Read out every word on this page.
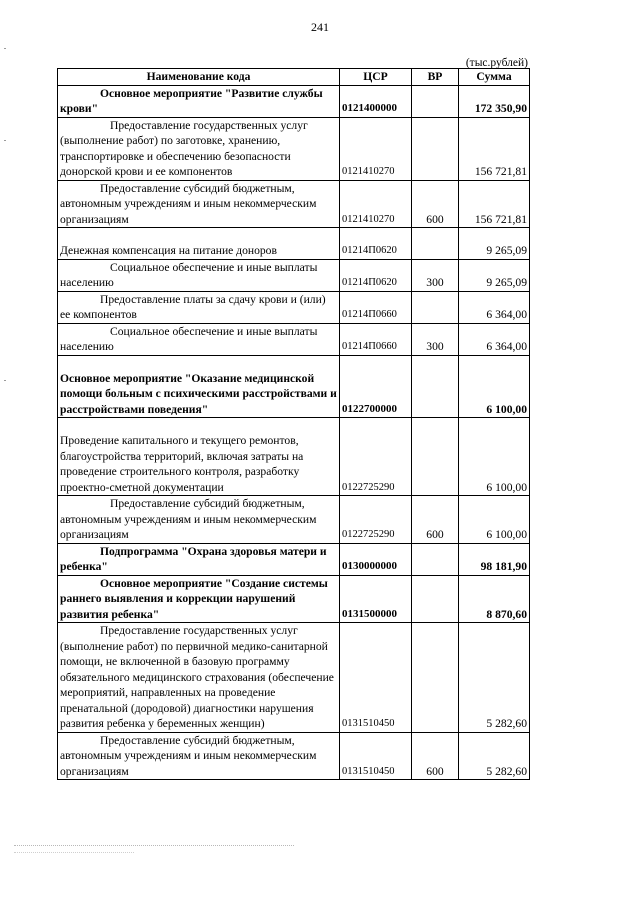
241
(тыс.рублей)
Наименование кода	ЦСР	ВР	Сумма
Основное мероприятие "Развитие службы крови"	0121400000		172 350,90
Предоставление государственных услуг (выполнение работ) по заготовке, хранению, транспортировке и обеспечению безопасности донорской крови и ее компонентов	0121410270		156 721,81
Предоставление субсидий бюджетным, автономным учреждениям и иным некоммерческим организациям	0121410270	600	156 721,81

Денежная компенсация на питание доноров	01214П0620		9 265,09
Социальное обеспечение и иные выплаты населению	01214П0620	300	9 265,09
Предоставление платы за сдачу крови и (или) ее компонентов	01214П0660		6 364,00
Социальное обеспечение и иные выплаты населению	01214П0660	300	6 364,00

Основное мероприятие "Оказание медицинской помощи больным с психическими расстройствами и расстройствами поведения"	0122700000		6 100,00

Проведение капитального и текущего ремонтов, благоустройства территорий, включая затраты на проведение строительного контроля, разработку проектно-сметной документации	0122725290		6 100,00
Предоставление субсидий бюджетным, автономным учреждениям и иным некоммерческим организациям	0122725290	600	6 100,00
Подпрограмма "Охрана здоровья матери и ребенка"	0130000000		98 181,90
Основное мероприятие "Создание системы раннего выявления и коррекции нарушений развития ребенка"	0131500000		8 870,60
Предоставление государственных услуг (выполнение работ) по первичной медико-санитарной помощи, не включенной в базовую программу обязательного медицинского страхования (обеспечение мероприятий, направленных на проведение пренатальной (дородовой) диагностики нарушения развития ребенка у беременных женщин)	0131510450		5 282,60
Предоставление субсидий бюджетным, автономным учреждениям и иным некоммерческим организациям	0131510450	600	5 282,60
